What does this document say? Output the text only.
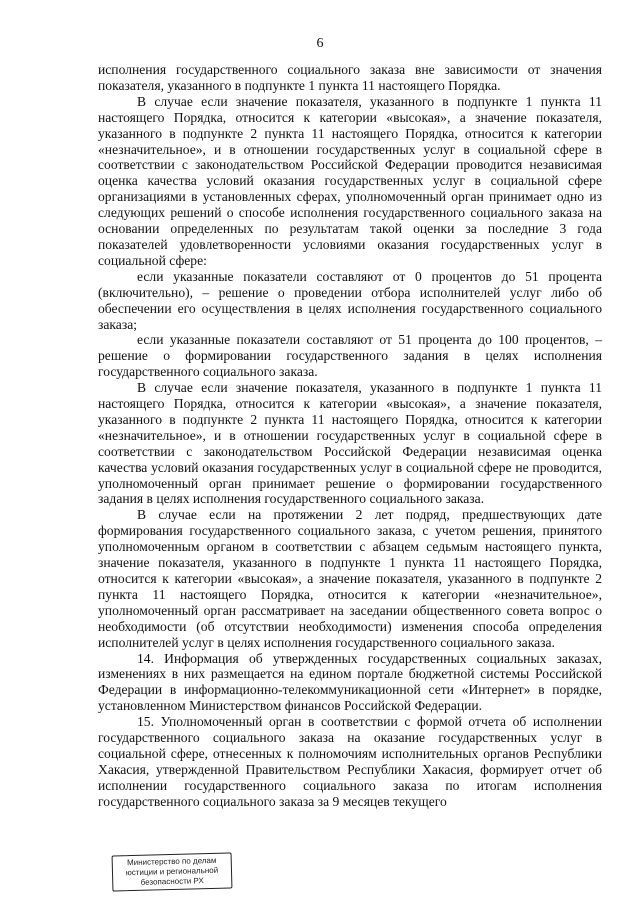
6

исполнения государственного социального заказа вне зависимости от значения показателя, указанного в подпункте 1 пункта 11 настоящего Порядка.

В случае если значение показателя, указанного в подпункте 1 пункта 11 настоящего Порядка, относится к категории «высокая», а значение показателя, указанного в подпункте 2 пункта 11 настоящего Порядка, относится к категории «незначительное», и в отношении государственных услуг в социальной сфере в соответствии с законодательством Российской Федерации проводится независимая оценка качества условий оказания государственных услуг в социальной сфере организациями в установленных сферах, уполномоченный орган принимает одно из следующих решений о способе исполнения государственного социального заказа на основании определенных по результатам такой оценки за последние 3 года показателей удовлетворенности условиями оказания государственных услуг в социальной сфере:

если указанные показатели составляют от 0 процентов до 51 процента (включительно), – решение о проведении отбора исполнителей услуг либо об обеспечении его осуществления в целях исполнения государственного социального заказа;

если указанные показатели составляют от 51 процента до 100 процентов, – решение о формировании государственного задания в целях исполнения государственного социального заказа.

В случае если значение показателя, указанного в подпункте 1 пункта 11 настоящего Порядка, относится к категории «высокая», а значение показателя, указанного в подпункте 2 пункта 11 настоящего Порядка, относится к категории «незначительное», и в отношении государственных услуг в социальной сфере в соответствии с законодательством Российской Федерации независимая оценка качества условий оказания государственных услуг в социальной сфере не проводится, уполномоченный орган принимает решение о формировании государственного задания в целях исполнения государственного социального заказа.

В случае если на протяжении 2 лет подряд, предшествующих дате формирования государственного социального заказа, с учетом решения, принятого уполномоченным органом в соответствии с абзацем седьмым настоящего пункта, значение показателя, указанного в подпункте 1 пункта 11 настоящего Порядка, относится к категории «высокая», а значение показателя, указанного в подпункте 2 пункта 11 настоящего Порядка, относится к категории «незначительное», уполномоченный орган рассматривает на заседании общественного совета вопрос о необходимости (об отсутствии необходимости) изменения способа определения исполнителей услуг в целях исполнения государственного социального заказа.

14. Информация об утвержденных государственных социальных заказах, изменениях в них размещается на едином портале бюджетной системы Российской Федерации в информационно-телекоммуникационной сети «Интернет» в порядке, установленном Министерством финансов Российской Федерации.

15. Уполномоченный орган в соответствии с формой отчета об исполнении государственного социального заказа на оказание государственных услуг в социальной сфере, отнесенных к полномочиям исполнительных органов Республики Хакасия, утвержденной Правительством Республики Хакасия, формирует отчет об исполнении государственного социального заказа по итогам исполнения государственного социального заказа за 9 месяцев текущего

Министерство по делам
юстиции и региональной
безопасности РХ
